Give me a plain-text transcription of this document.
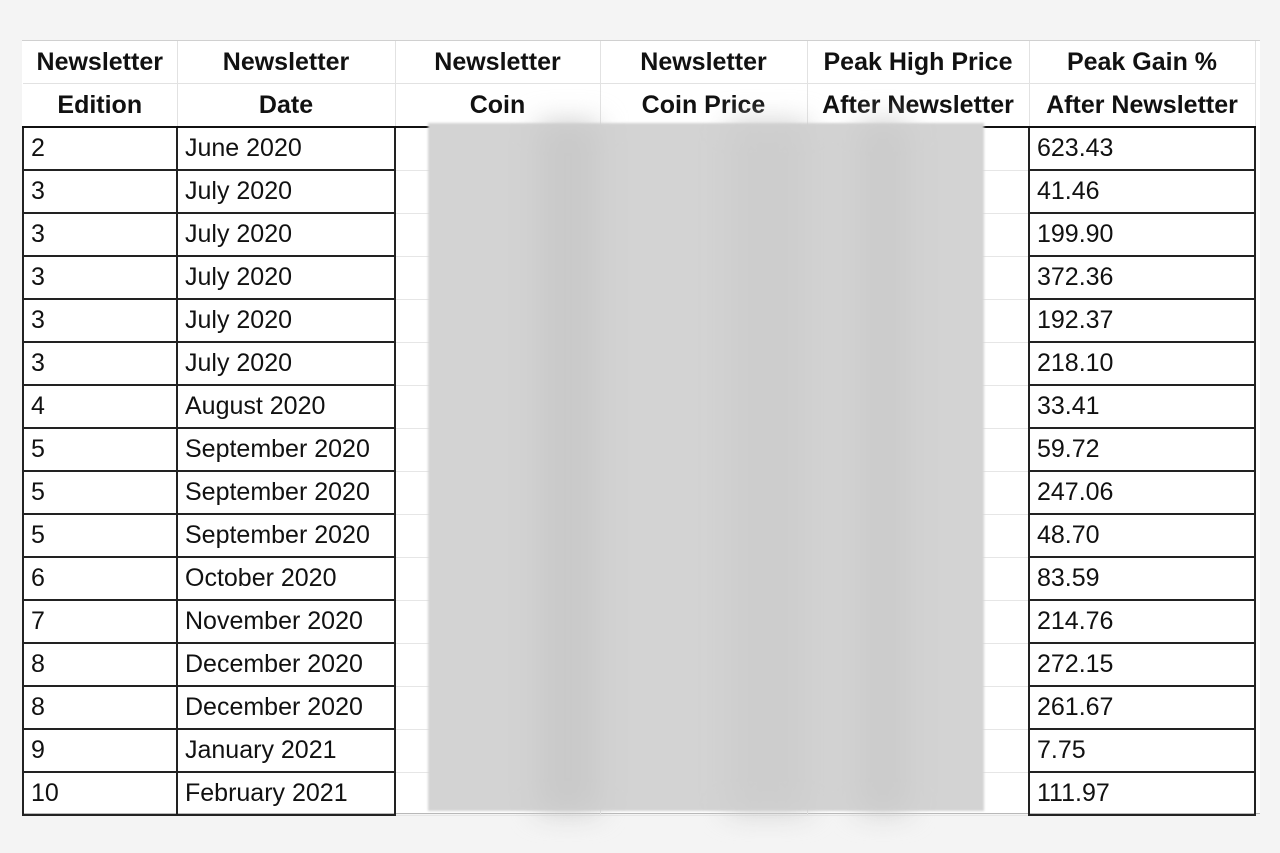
Newsletter	Newsletter	Newsletter	Newsletter	Peak High Price	Peak Gain %
Edition	Date	Coin	Coin Price	After Newsletter	After Newsletter
2	June 2020				623.43
3	July 2020				41.46
3	July 2020				199.90
3	July 2020				372.36
3	July 2020				192.37
3	July 2020				218.10
4	August 2020				33.41
5	September 2020				59.72
5	September 2020				247.06
5	September 2020				48.70
6	October 2020				83.59
7	November 2020				214.76
8	December 2020				272.15
8	December 2020				261.67
9	January 2021				7.75
10	February 2021				111.97
